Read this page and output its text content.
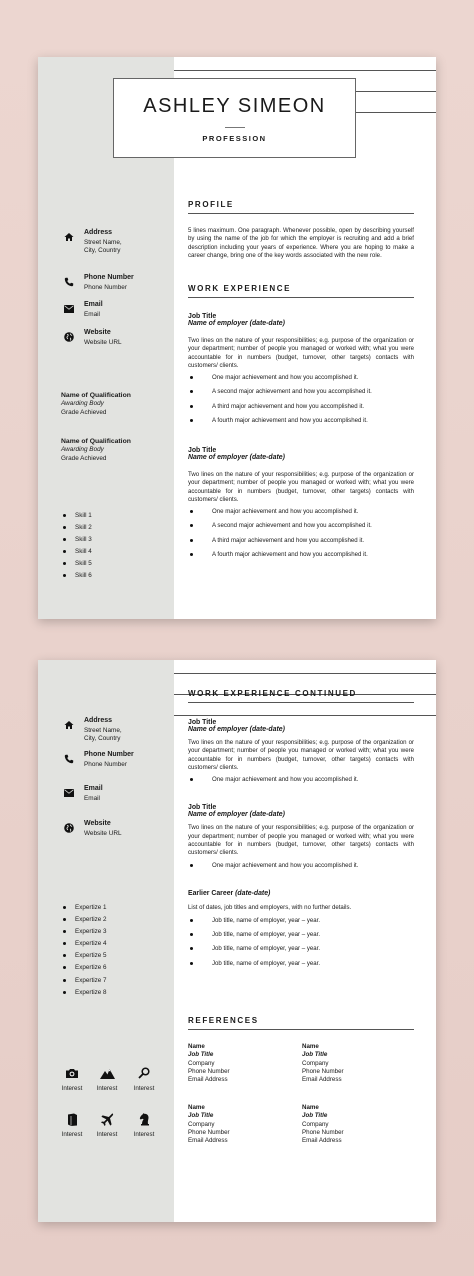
ASHLEY SIMEON
PROFESSION
Address
Street Name,
City, Country
Phone Number
Phone Number
Email
Email
Website
Website URL
Name of Qualification
Awarding Body
Grade Achieved
Name of Qualification
Awarding Body
Grade Achieved
Skill 1
Skill 2
Skill 3
Skill 4
Skill 5
Skill 6
PROFILE
5 lines maximum. One paragraph. Whenever possible, open by describing yourself by using the name of the job for which the employer is recruiting and add a brief description including your years of experience. Where you are hoping to make a career change, bring one of the key words associated with the new role.
WORK EXPERIENCE
Job Title
Name of employer (date-date)
Two lines on the nature of your responsibilities; e.g. purpose of the organization or your department; number of people you managed or worked with; what you were accountable for in numbers (budget, turnover, other targets) contacts with customers/ clients.
One major achievement and how you accomplished it.
A second major achievement and how you accomplished it.
A third major achievement and how you accomplished it.
A fourth major achievement and how you accomplished it.
Job Title
Name of employer (date-date)
Two lines on the nature of your responsibilities; e.g. purpose of the organization or your department; number of people you managed or worked with; what you were accountable for in numbers (budget, turnover, other targets) contacts with customers/ clients.
One major achievement and how you accomplished it.
A second major achievement and how you accomplished it.
A third major achievement and how you accomplished it.
A fourth major achievement and how you accomplished it.
Address
Street Name,
City, Country
Phone Number
Phone Number
Email
Email
Website
Website URL
Expertize 1
Expertize 2
Expertize 3
Expertize 4
Expertize 5
Expertize 6
Expertize 7
Expertize 8
Interest	Interest	Interest
Interest	Interest	Interest
WORK EXPERIENCE CONTINUED
Job Title
Name of employer (date-date)
Two lines on the nature of your responsibilities; e.g. purpose of the organization or your department; number of people you managed or worked with; what you were accountable for in numbers (budget, turnover, other targets) contacts with customers/ clients.
One major achievement and how you accomplished it.
Job Title
Name of employer (date-date)
Two lines on the nature of your responsibilities; e.g. purpose of the organization or your department; number of people you managed or worked with; what you were accountable for in numbers (budget, turnover, other targets) contacts with customers/ clients.
One major achievement and how you accomplished it.
Earlier Career (date-date)
List of dates, job titles and employers, with no further details.
Job title, name of employer, year – year.
Job title, name of employer, year – year.
Job title, name of employer, year – year.
Job title, name of employer, year – year.
REFERENCES
Name
Job Title
Company
Phone Number
Email Address
Name
Job Title
Company
Phone Number
Email Address
Name
Job Title
Company
Phone Number
Email Address
Name
Job Title
Company
Phone Number
Email Address
